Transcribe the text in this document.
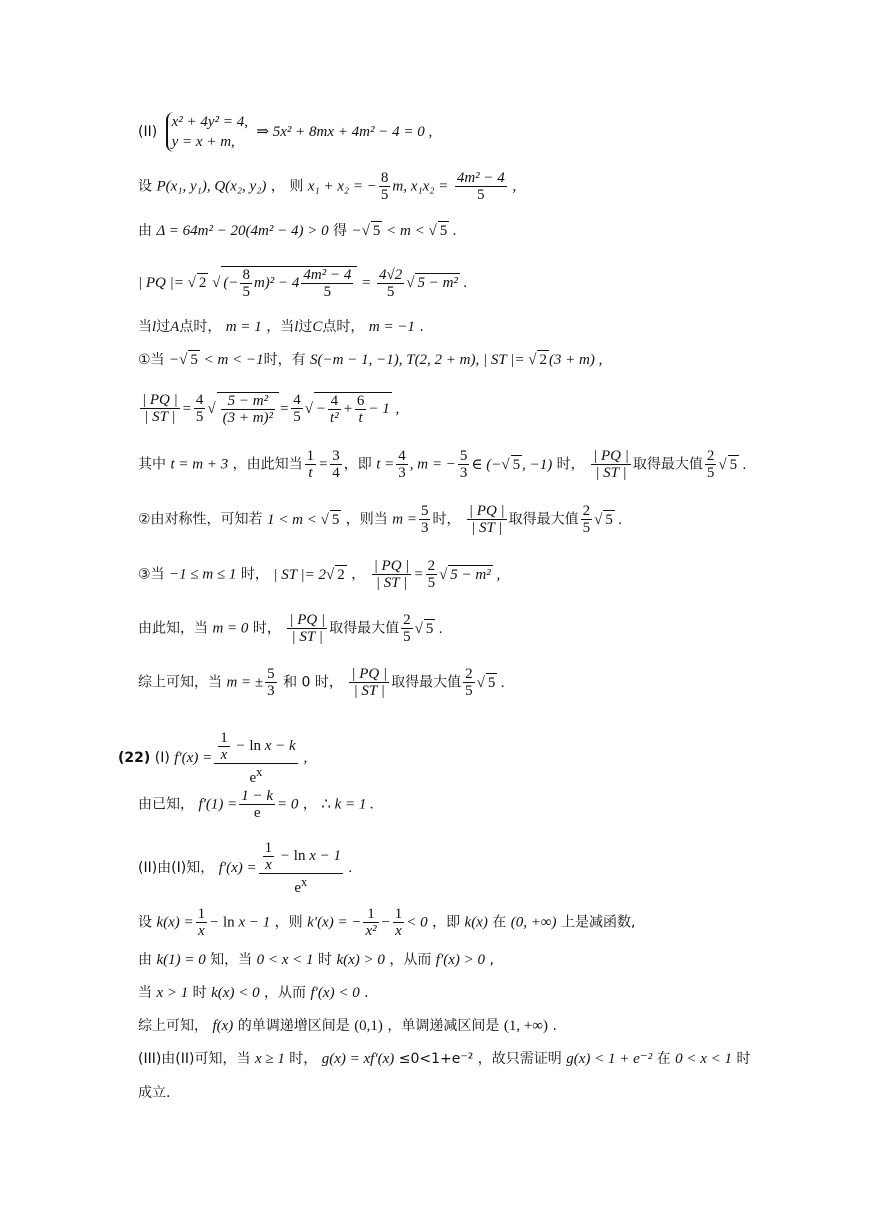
(II)
x² + 4y² = 4,
y = x + m,
⇒ 5x² + 8mx + 4m² − 4 = 0 ,
设 P(x₁, y₁), Q(x₂, y₂) ， 则 x₁ + x₂ = − $\frac{8}{5} m$, $x_1x_2 = \frac{\text{4m² − 4}}{5}$ ,
由 Δ = 64m² − 20(4m² − 4) > 0 得 −√ 5 < m < √ 5 .
| PQ |= √ 2 √ (− $\frac{8}{5} m)^2 - 4 \frac{\text{4m² − 4}}{5} = \frac{4√2}{5}$ √ 5 − m² .
当l过A点时， m = 1 ，当l过C点时， m = −1 .
①当 −√ 5 < m < −1时，有 S(−m − 1, −1), T(2, 2 + m), | ST |= √ 2 (3 + m) ,
$\frac{| PQ |}{| ST |} = \frac{4}{5}$ √ $\frac{\text{5 − m²}}{\text{(3 + m)²}} = \frac{4}{5}$ √ − $\frac{4}{\text{t²}} + \frac{6}{t} - 1$ ,
其中 t = m + 3 ，由此知当 $\frac{1}{t} = \frac{3}{4}$ ，即 $t = \frac{4}{3}$ , m = − $\frac{5}{3}$ ∈ (−√ 5 , −1) 时， $\frac{| PQ |}{| ST |}$ 取得最大值 $\frac{2}{5}$ √ 5 .
②由对称性，可知若 1 < m < √ 5 ，则当 $m = \frac{5}{3}$ 时， $\frac{| PQ |}{| ST |}$ 取得最大值 $\frac{2}{5}$ √ 5 .
③当 −1 ≤ m ≤ 1 时， | ST |= 2√ 2 ， $\frac{| PQ |}{| ST |} = \frac{2}{5}$ √ 5 − m² ,
由此知，当 m = 0 时， $\frac{| PQ |}{| ST |}$ 取得最大值 $\frac{2}{5}$ √ 5 .
综上可知，当 m = ± $\frac{5}{3}$ 和 0 时， $\frac{| PQ |}{| ST |}$ 取得最大值 $\frac{2}{5}$ √ 5 .
(22) (I) $f'(x) = \frac{\frac{1}{x} - \ln x - k}{e^x}$ ,
由已知， $f'(1) = \frac{1 - k}{e} = 0$ ， ∴ k = 1 .
(II)由(I)知， $f'(x) = \frac{\frac{1}{x} - \ln x - 1}{e^x}$ .
设 $k(x) = \frac{1}{x} - \ln x - 1$ ，则 k′(x) = − $\frac{1}{\text{x²}} - \frac{1}{x} < 0$ ，即 k(x) 在 (0, +∞) 上是减函数,
由 k(1) = 0 知，当 0 < x < 1 时 k(x) > 0 ，从而 f′(x) > 0 ,
当 x > 1 时 k(x) < 0 ，从而 f′(x) < 0 .
综上可知， f(x) 的单调递增区间是 (0,1) ，单调递减区间是 (1, +∞) .
(III)由(II)可知，当 x ≥ 1 时， g(x) = xf′(x) ≤0<1+e⁻² ，故只需证明 g(x) < 1 + e⁻² 在 0 < x < 1 时
成立.
